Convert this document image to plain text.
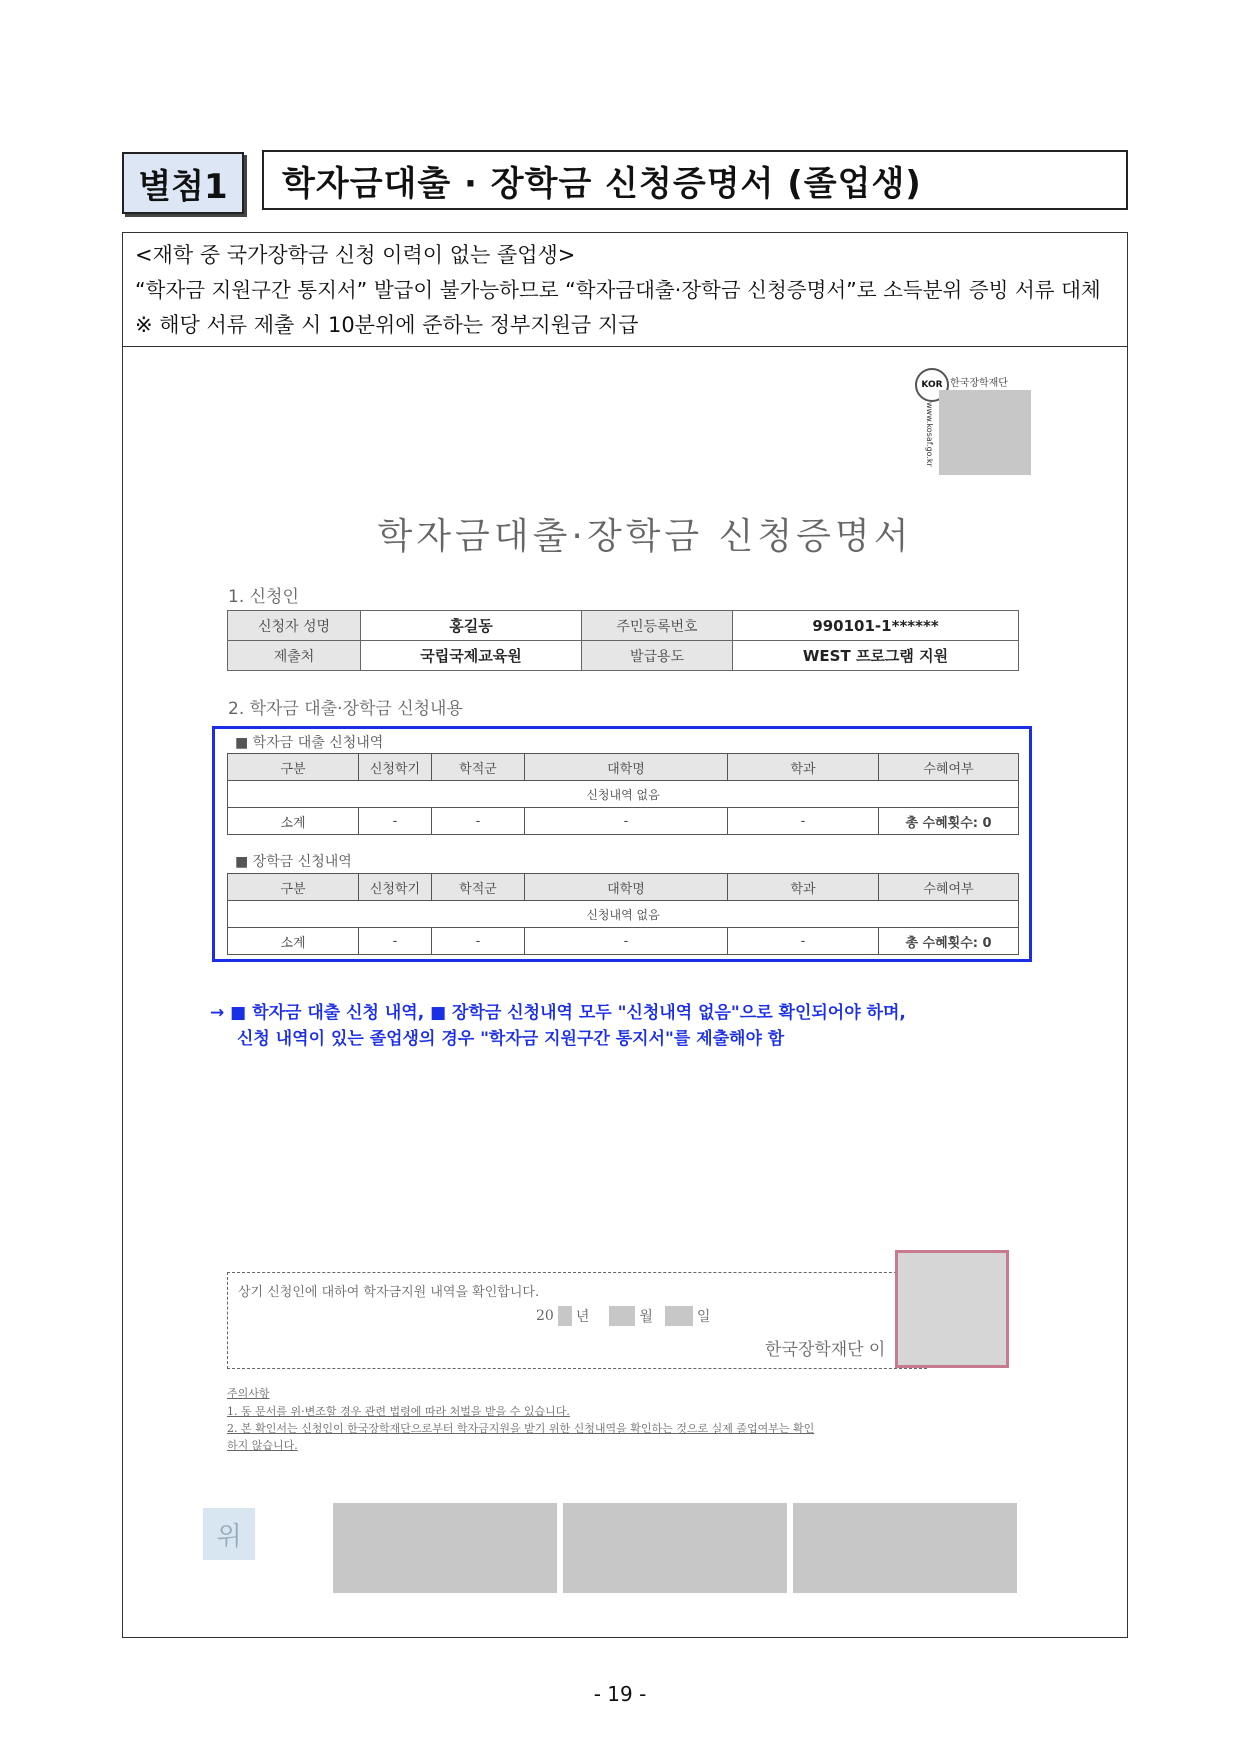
별첨1	학자금대출 · 장학금 신청증명서 (졸업생)
<재학 중 국가장학금 신청 이력이 없는 졸업생>
“학자금 지원구간 통지서” 발급이 불가능하므로 “학자금대출·장학금 신청증명서”로 소득분위 증빙 서류 대체
※ 해당 서류 제출 시 10분위에 준하는 정부지원금 지급
KOR 한국장학재단
www.kosaf.go.kr
학자금대출·장학금 신청증명서
1. 신청인
신청자 성명	홍길동	주민등록번호	990101-1******
제출처	국립국제교육원	발급용도	WEST 프로그램 지원
2. 학자금 대출·장학금 신청내용
■ 학자금 대출 신청내역
구분	신청학기	학적군	대학명	학과	수혜여부
신청내역 없음					
소계	-	-	-	-	총 수혜횟수: 0
■ 장학금 신청내역
구분	신청학기	학적군	대학명	학과	수혜여부
신청내역 없음					
소계	-	-	-	-	총 수혜횟수: 0
→ ■ 학자금 대출 신청 내역, ■ 장학금 신청내역 모두 "신청내역 없음"으로 확인되어야 하며,
신청 내역이 있는 졸업생의 경우 "학자금 지원구간 통지서"를 제출해야 함
상기 신청인에 대하여 학자금지원 내역을 확인합니다.
20 년	월	일
한국장학재단 이
주의사항
1. 동 문서를 위·변조할 경우 관련 법령에 따라 처벌을 받을 수 있습니다.
2. 본 확인서는 신청인이 한국장학재단으로부터 학자금지원을 받기 위한 신청내역을 확인하는 것으로 실제 졸업여부는 확인
하지 않습니다.
위
- 19 -
